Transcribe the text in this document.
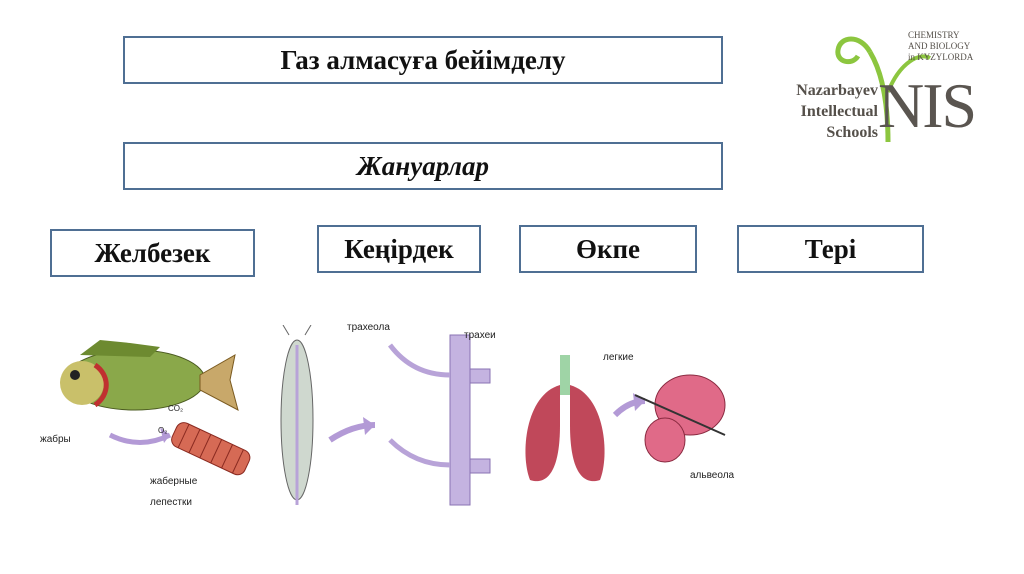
Газ алмасуға бейімделу
Жануарлар
Желбезек	Кеңірдек	Өкпе	Тері
CHEMISTRY
AND BIOLOGY
in KYZYLORDA
Nazarbayev
Intellectual
Schools NIS
жабры
CO₂
O₂
жаберные
лепестки
трахеола
трахеи
легкие
альвеола
